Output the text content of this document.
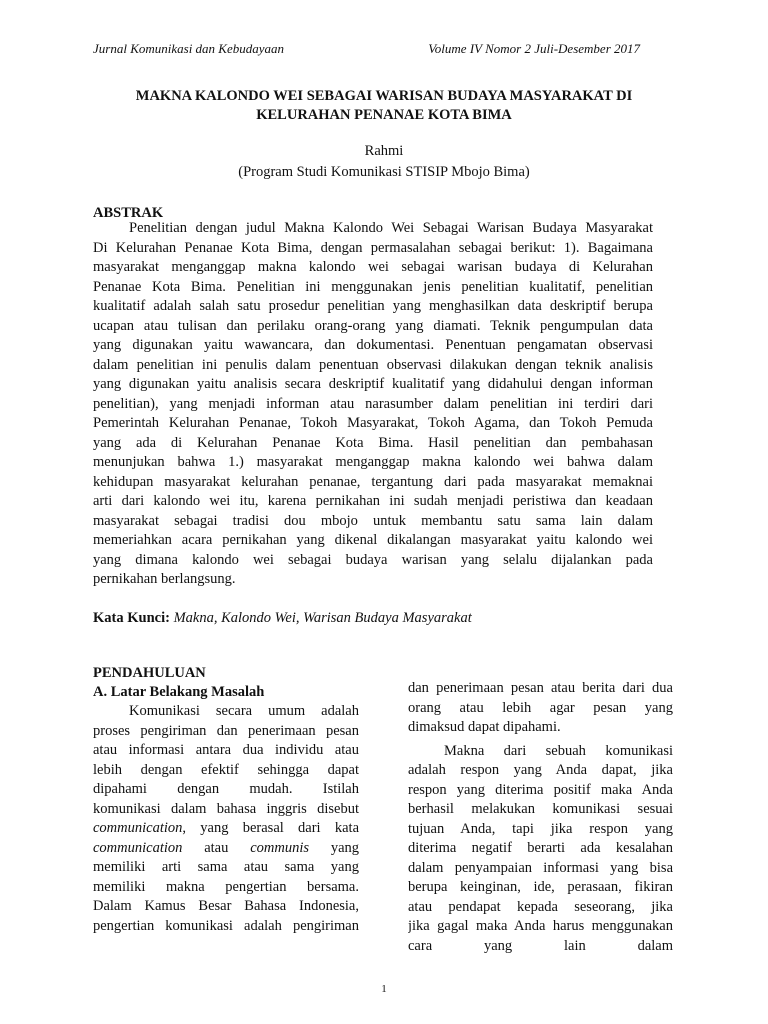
Jurnal Komunikasi dan Kebudayaan	Volume IV Nomor 2 Juli-Desember 2017
MAKNA KALONDO WEI SEBAGAI WARISAN BUDAYA MASYARAKAT DI
KELURAHAN PENANAE KOTA BIMA
Rahmi
(Program Studi Komunikasi STISIP Mbojo Bima)
ABSTRAK
Penelitian dengan judul Makna Kalondo Wei Sebagai Warisan Budaya Masyarakat
Di Kelurahan Penanae Kota Bima, dengan permasalahan sebagai berikut: 1). Bagaimana
masyarakat menganggap makna kalondo wei sebagai warisan budaya di Kelurahan
Penanae Kota Bima. Penelitian ini menggunakan jenis penelitian kualitatif, penelitian
kualitatif adalah salah satu prosedur penelitian yang menghasilkan data deskriptif berupa
ucapan atau tulisan dan perilaku orang-orang yang diamati. Teknik pengumpulan data
yang digunakan yaitu wawancara, dan dokumentasi. Penentuan pengamatan observasi
dalam penelitian ini penulis dalam penentuan observasi dilakukan dengan teknik analisis
yang digunakan yaitu analisis secara deskriptif kualitatif yang didahului dengan informan
penelitian), yang menjadi informan atau narasumber dalam penelitian ini terdiri dari
Pemerintah Kelurahan Penanae, Tokoh Masyarakat, Tokoh Agama, dan Tokoh Pemuda
yang ada di Kelurahan Penanae Kota Bima. Hasil penelitian dan pembahasan
menunjukan bahwa 1.) masyarakat menganggap makna kalondo wei bahwa dalam
kehidupan masyarakat kelurahan penanae, tergantung dari pada masyarakat memaknai
arti dari kalondo wei itu, karena pernikahan ini sudah menjadi peristiwa dan keadaan
masyarakat sebagai tradisi dou mbojo untuk membantu satu sama lain dalam
memeriahkan acara pernikahan yang dikenal dikalangan masyarakat yaitu kalondo wei
yang dimana kalondo wei sebagai budaya warisan yang selalu dijalankan pada
pernikahan berlangsung.
Kata Kunci: Makna, Kalondo Wei, Warisan Budaya Masyarakat
PENDAHULUAN
A. Latar Belakang Masalah
Komunikasi secara umum adalah
proses pengiriman dan penerimaan pesan
atau informasi antara dua individu atau
lebih dengan efektif sehingga dapat
dipahami dengan mudah. Istilah
komunikasi dalam bahasa inggris disebut
communication, yang berasal dari kata
communication atau communis yang
memiliki arti sama atau sama yang
memiliki makna pengertian bersama.
Dalam Kamus Besar Bahasa Indonesia,
pengertian komunikasi adalah pengiriman
dan penerimaan pesan atau berita dari dua
orang atau lebih agar pesan yang
dimaksud dapat dipahami.
Makna dari sebuah komunikasi
adalah respon yang Anda dapat, jika
respon yang diterima positif maka Anda
berhasil melakukan komunikasi sesuai
tujuan Anda, tapi jika respon yang
diterima negatif berarti ada kesalahan
dalam penyampaian informasi yang bisa
berupa keinginan, ide, perasaan, fikiran
atau pendapat kepada seseorang, jika
jika gagal maka Anda harus menggunakan
cara yang lain dalam
1
